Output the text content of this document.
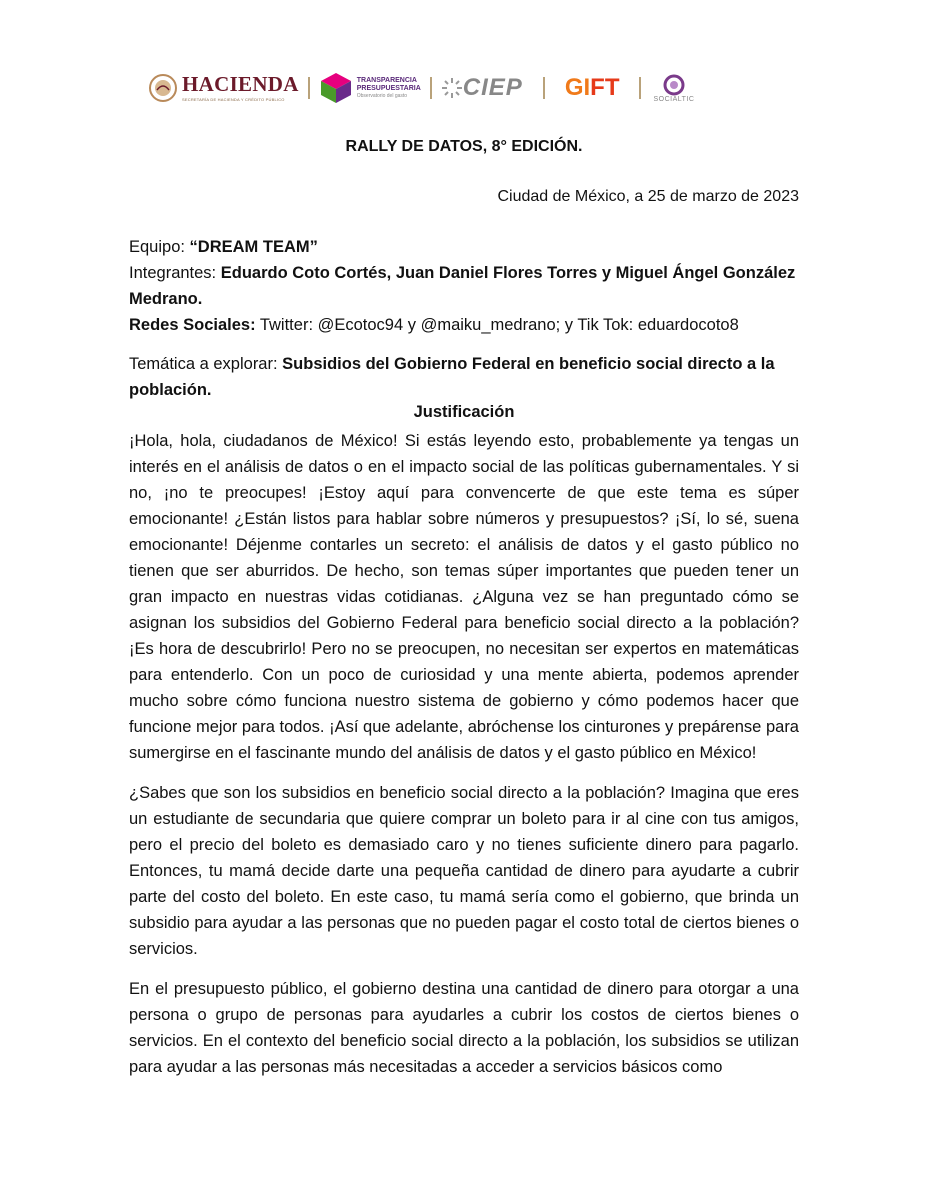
HACIENDA
SECRETARÍA DE HACIENDA Y CRÉDITO PÚBLICO
TRANSPARENCIA
PRESUPUESTARIA
Observatorio del gasto	CIEP GI FT	SOCIALTIC
RALLY DE DATOS, 8° EDICIÓN.
Ciudad de México, a 25 de marzo de 2023

Equipo: “DREAM TEAM”

Integrantes: Eduardo Coto Cortés, Juan Daniel Flores Torres y Miguel Ángel González Medrano.

Redes Sociales: Twitter: @Ecotoc94 y @maiku_medrano; y Tik Tok: eduardocoto8

Temática a explorar: Subsidios del Gobierno Federal en beneficio social directo a la población.

Justificación

¡Hola, hola, ciudadanos de México! Si estás leyendo esto, probablemente ya tengas un interés en el análisis de datos o en el impacto social de las políticas gubernamentales. Y si no, ¡no te preocupes! ¡Estoy aquí para convencerte de que este tema es súper emocionante! ¿Están listos para hablar sobre números y presupuestos? ¡Sí, lo sé, suena emocionante! Déjenme contarles un secreto: el análisis de datos y el gasto público no tienen que ser aburridos. De hecho, son temas súper importantes que pueden tener un gran impacto en nuestras vidas cotidianas. ¿Alguna vez se han preguntado cómo se asignan los subsidios del Gobierno Federal para beneficio social directo a la población? ¡Es hora de descubrirlo! Pero no se preocupen, no necesitan ser expertos en matemáticas para entenderlo. Con un poco de curiosidad y una mente abierta, podemos aprender mucho sobre cómo funciona nuestro sistema de gobierno y cómo podemos hacer que funcione mejor para todos. ¡Así que adelante, abróchense los cinturones y prepárense para sumergirse en el fascinante mundo del análisis de datos y el gasto público en México!

¿Sabes que son los subsidios en beneficio social directo a la población? Imagina que eres un estudiante de secundaria que quiere comprar un boleto para ir al cine con tus amigos, pero el precio del boleto es demasiado caro y no tienes suficiente dinero para pagarlo. Entonces, tu mamá decide darte una pequeña cantidad de dinero para ayudarte a cubrir parte del costo del boleto. En este caso, tu mamá sería como el gobierno, que brinda un subsidio para ayudar a las personas que no pueden pagar el costo total de ciertos bienes o servicios.

En el presupuesto público, el gobierno destina una cantidad de dinero para otorgar a una persona o grupo de personas para ayudarles a cubrir los costos de ciertos bienes o servicios. En el contexto del beneficio social directo a la población, los subsidios se utilizan para ayudar a las personas más necesitadas a acceder a servicios básicos como
